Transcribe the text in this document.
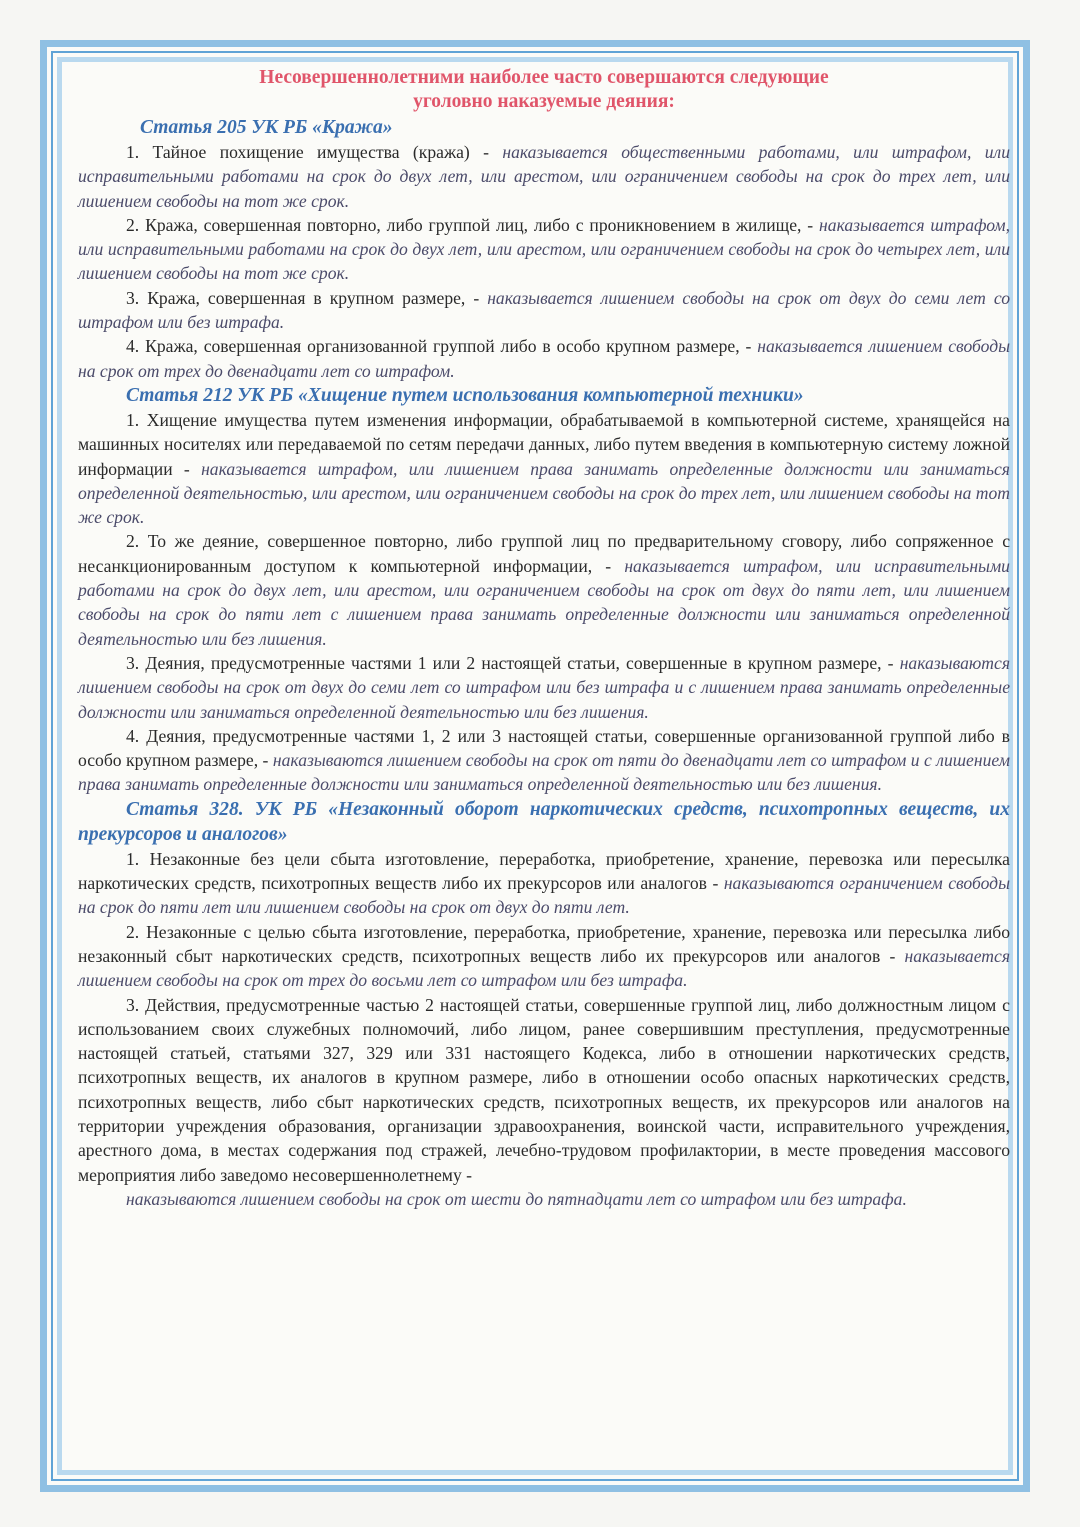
Несовершеннолетними наиболее часто совершаются следующие
уголовно наказуемые деяния:

Статья 205 УК РБ «Кража»

1. Тайное похищение имущества (кража) - наказывается общественными работами, или штрафом, или исправительными работами на срок до двух лет, или арестом, или ограничением свободы на срок до трех лет, или лишением свободы на тот же срок.

2. Кража, совершенная повторно, либо группой лиц, либо с проникновением в жилище, - наказывается штрафом, или исправительными работами на срок до двух лет, или арестом, или ограничением свободы на срок до четырех лет, или лишением свободы на тот же срок.

3. Кража, совершенная в крупном размере, - наказывается лишением свободы на срок от двух до семи лет со штрафом или без штрафа.

4. Кража, совершенная организованной группой либо в особо крупном размере, - наказывается лишением свободы на срок от трех до двенадцати лет со штрафом.

Статья 212 УК РБ «Хищение путем использования компьютерной техники»

1. Хищение имущества путем изменения информации, обрабатываемой в компьютерной системе, хранящейся на машинных носителях или передаваемой по сетям передачи данных, либо путем введения в компьютерную систему ложной информации - наказывается штрафом, или лишением права занимать определенные должности или заниматься определенной деятельностью, или арестом, или ограничением свободы на срок до трех лет, или лишением свободы на тот же срок.

2. То же деяние, совершенное повторно, либо группой лиц по предварительному сговору, либо сопряженное с несанкционированным доступом к компьютерной информации, - наказывается штрафом, или исправительными работами на срок до двух лет, или арестом, или ограничением свободы на срок от двух до пяти лет, или лишением свободы на срок до пяти лет с лишением права занимать определенные должности или заниматься определенной деятельностью или без лишения.

3. Деяния, предусмотренные частями 1 или 2 настоящей статьи, совершенные в крупном размере, - наказываются лишением свободы на срок от двух до семи лет со штрафом или без штрафа и с лишением права занимать определенные должности или заниматься определенной деятельностью или без лишения.

4. Деяния, предусмотренные частями 1, 2 или 3 настоящей статьи, совершенные организованной группой либо в особо крупном размере, - наказываются лишением свободы на срок от пяти до двенадцати лет со штрафом и с лишением права занимать определенные должности или заниматься определенной деятельностью или без лишения.

Статья 328. УК РБ «Незаконный оборот наркотических средств, психотропных веществ, их прекурсоров и аналогов»

1. Незаконные без цели сбыта изготовление, переработка, приобретение, хранение, перевозка или пересылка наркотических средств, психотропных веществ либо их прекурсоров или аналогов - наказываются ограничением свободы на срок до пяти лет или лишением свободы на срок от двух до пяти лет.

2. Незаконные с целью сбыта изготовление, переработка, приобретение, хранение, перевозка или пересылка либо незаконный сбыт наркотических средств, психотропных веществ либо их прекурсоров или аналогов - наказывается лишением свободы на срок от трех до восьми лет со штрафом или без штрафа.

3. Действия, предусмотренные частью 2 настоящей статьи, совершенные группой лиц, либо должностным лицом с использованием своих служебных полномочий, либо лицом, ранее совершившим преступления, предусмотренные настоящей статьей, статьями 327, 329 или 331 настоящего Кодекса, либо в отношении наркотических средств, психотропных веществ, их аналогов в крупном размере, либо в отношении особо опасных наркотических средств, психотропных веществ, либо сбыт наркотических средств, психотропных веществ, их прекурсоров или аналогов на территории учреждения образования, организации здравоохранения, воинской части, исправительного учреждения, арестного дома, в местах содержания под стражей, лечебно-трудовом профилактории, в месте проведения массового мероприятия либо заведомо несовершеннолетнему -

наказываются лишением свободы на срок от шести до пятнадцати лет со штрафом или без штрафа.
